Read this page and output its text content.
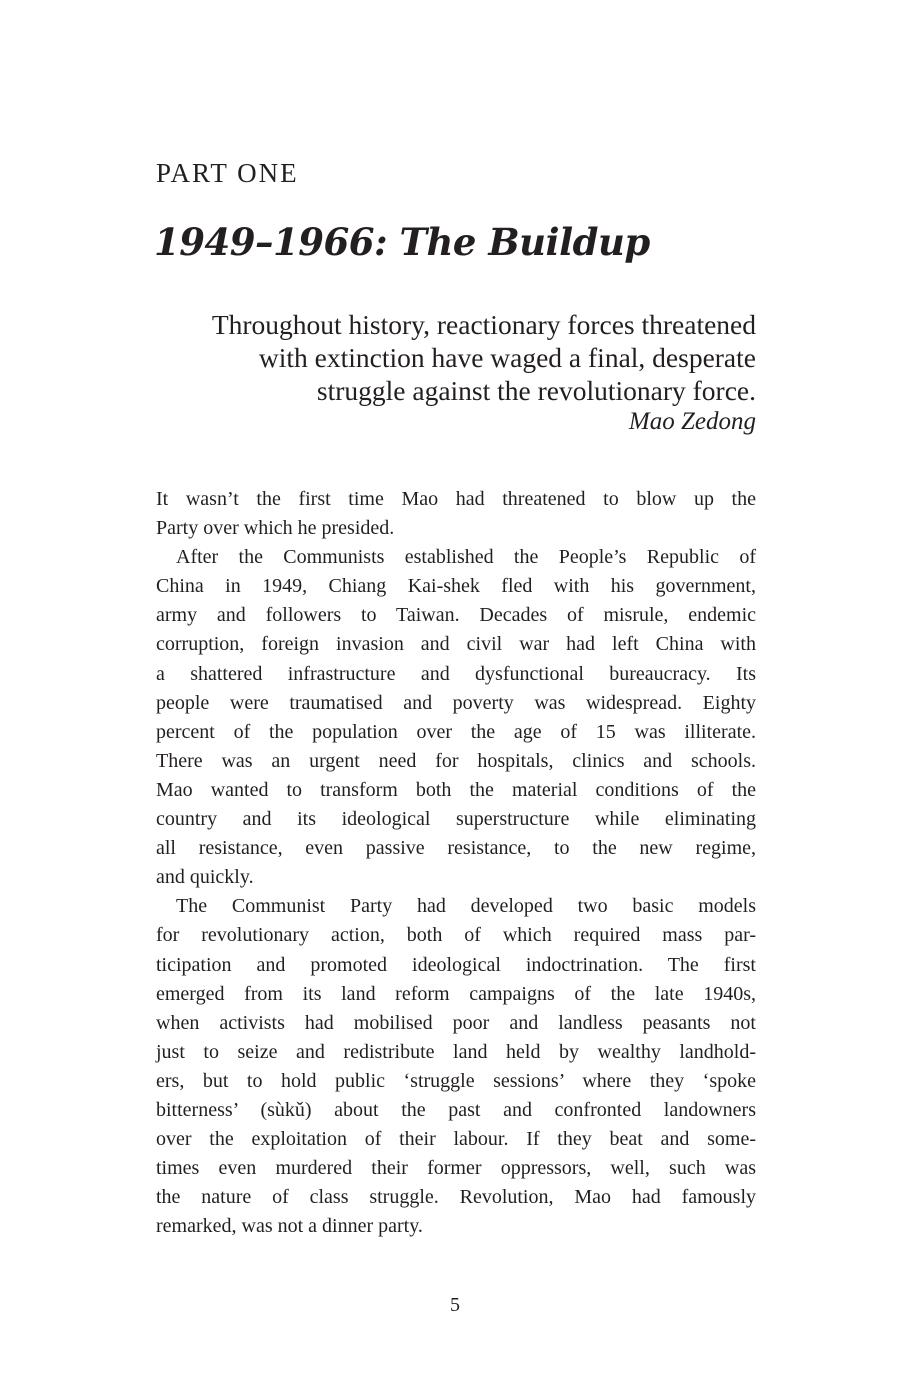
PART ONE
1949–1966: The Buildup
Throughout history, reactionary forces threatened
with extinction have waged a final, desperate
struggle against the revolutionary force.
Mao Zedong

It wasn’t the first time Mao had threatened to blow up the
Party over which he presided.

After the Communists established the People’s Republic of
China in 1949, Chiang Kai-shek fled with his government,
army and followers to Taiwan. Decades of misrule, endemic
corruption, foreign invasion and civil war had left China with
a shattered infrastructure and dysfunctional bureaucracy. Its
people were traumatised and poverty was widespread. Eighty
percent of the population over the age of 15 was illiterate.
There was an urgent need for hospitals, clinics and schools.
Mao wanted to transform both the material conditions of the
country and its ideological superstructure while eliminating
all resistance, even passive resistance, to the new regime,
and quickly.

The Communist Party had developed two basic models
for revolutionary action, both of which required mass par-
ticipation and promoted ideological indoctrination. The first
emerged from its land reform campaigns of the late 1940s,
when activists had mobilised poor and landless peasants not
just to seize and redistribute land held by wealthy landhold-
ers, but to hold public ‘struggle sessions’ where they ‘spoke
bitterness’ (sùkǔ) about the past and confronted landowners
over the exploitation of their labour. If they beat and some-
times even murdered their former oppressors, well, such was
the nature of class struggle. Revolution, Mao had famously
remarked, was not a dinner party.

5
